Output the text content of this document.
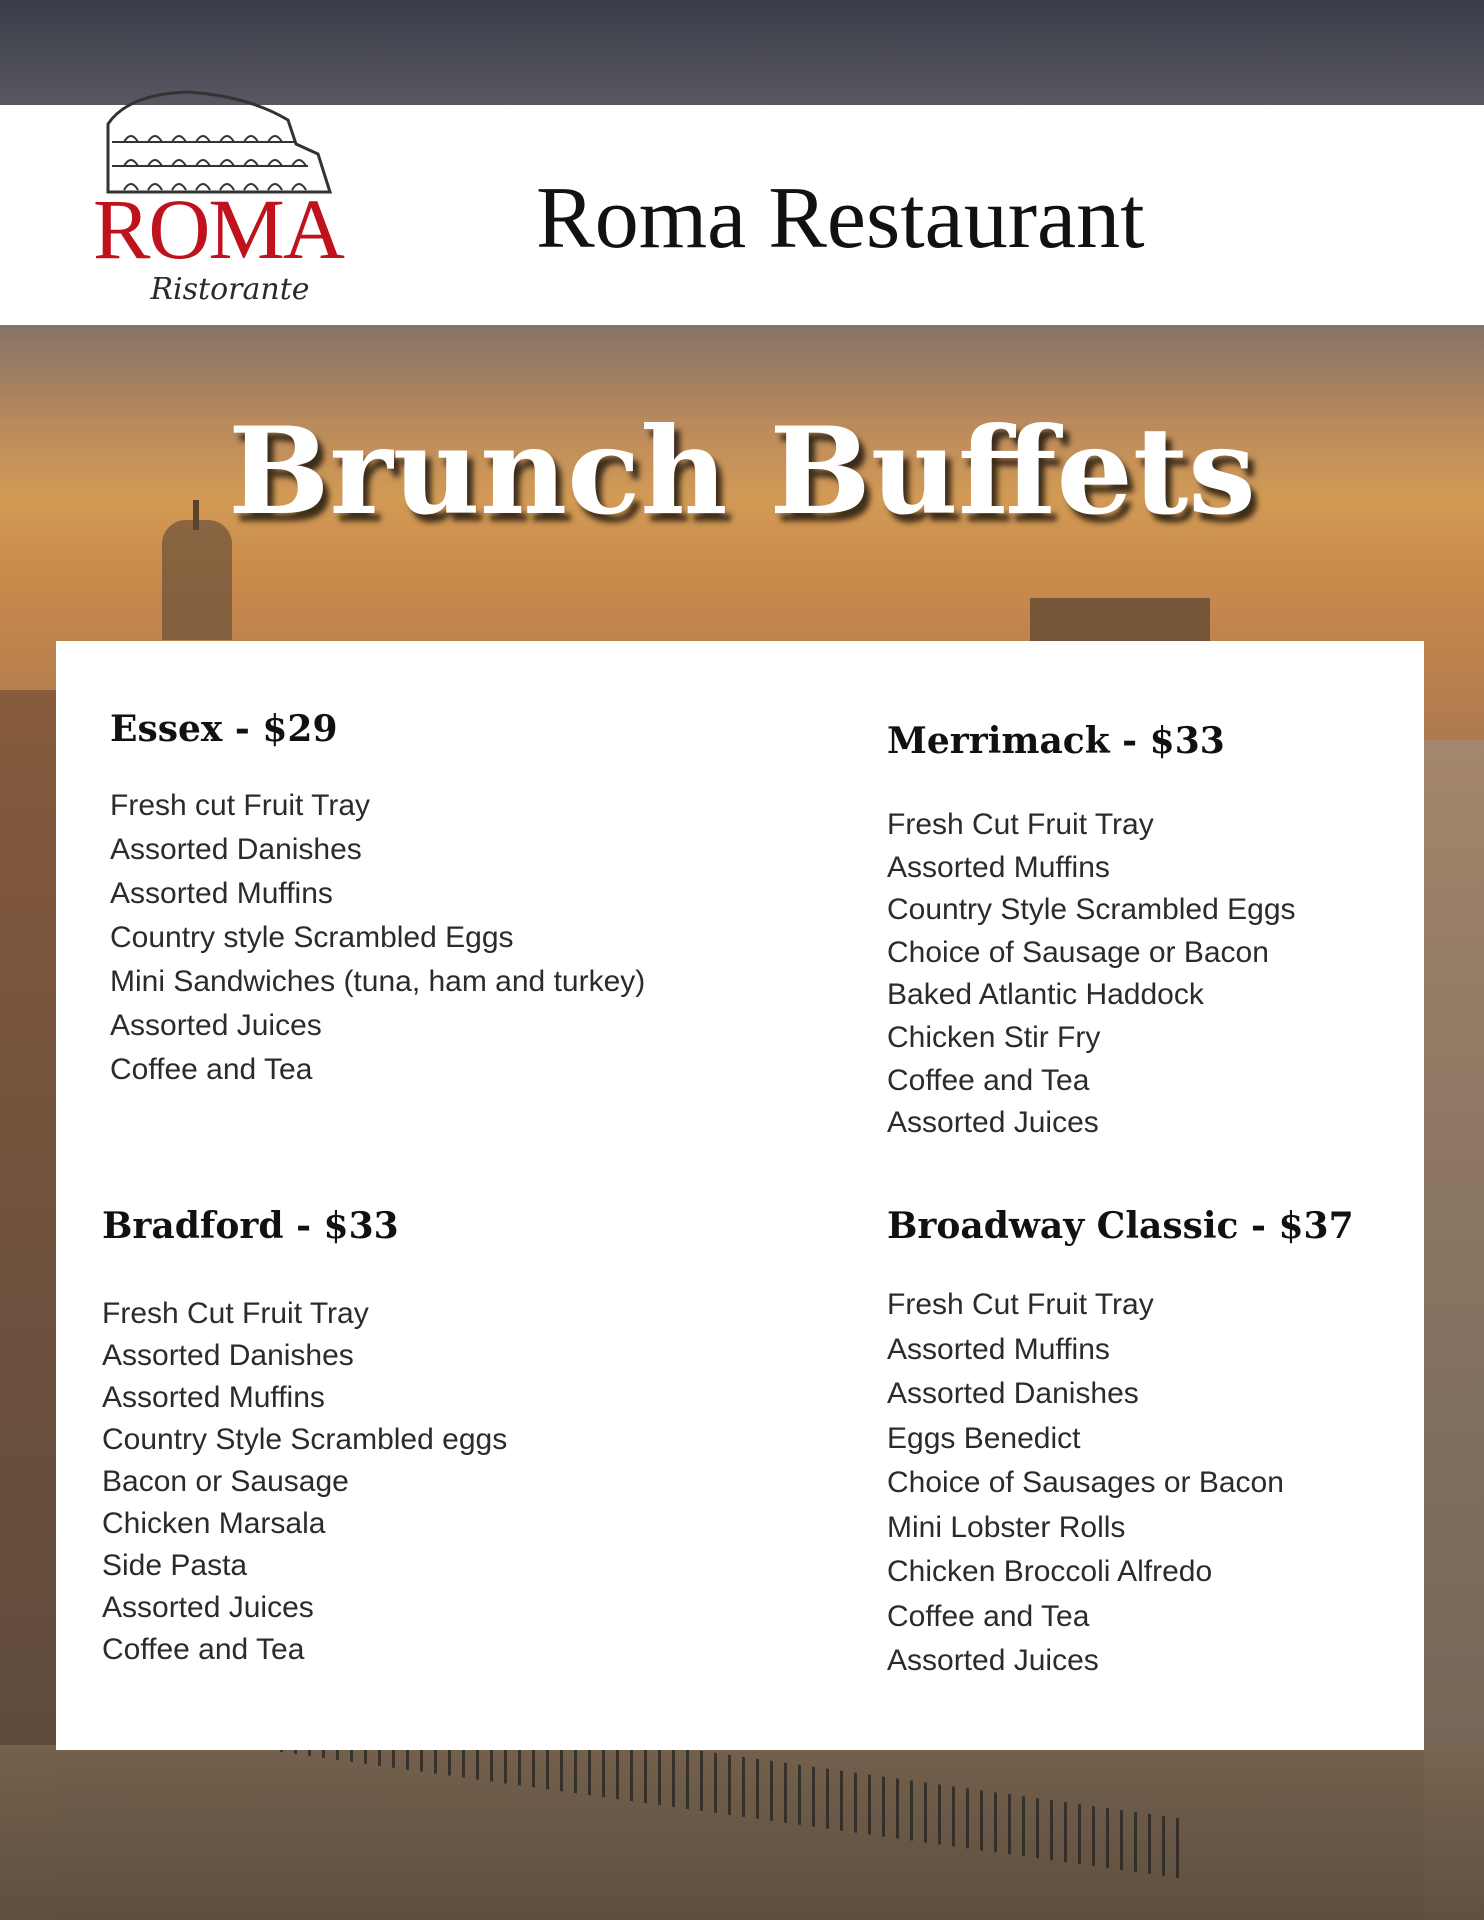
ROMA
Ristorante
Roma Restaurant
Brunch Buffets
Essex - $29
Fresh cut Fruit Tray
Assorted Danishes
Assorted Muffins
Country style Scrambled Eggs
Mini Sandwiches (tuna, ham and turkey)
Assorted Juices
Coffee and Tea
Merrimack - $33
Fresh Cut Fruit Tray
Assorted Muffins
Country Style Scrambled Eggs
Choice of Sausage or Bacon
Baked Atlantic Haddock
Chicken Stir Fry
Coffee and Tea
Assorted Juices
Bradford - $33
Fresh Cut Fruit Tray
Assorted Danishes
Assorted Muffins
Country Style Scrambled eggs
Bacon or Sausage
Chicken Marsala
Side Pasta
Assorted Juices
Coffee and Tea
Broadway Classic - $37
Fresh Cut Fruit Tray
Assorted Muffins
Assorted Danishes
Eggs Benedict
Choice of Sausages or Bacon
Mini Lobster Rolls
Chicken Broccoli Alfredo
Coffee and Tea
Assorted Juices
